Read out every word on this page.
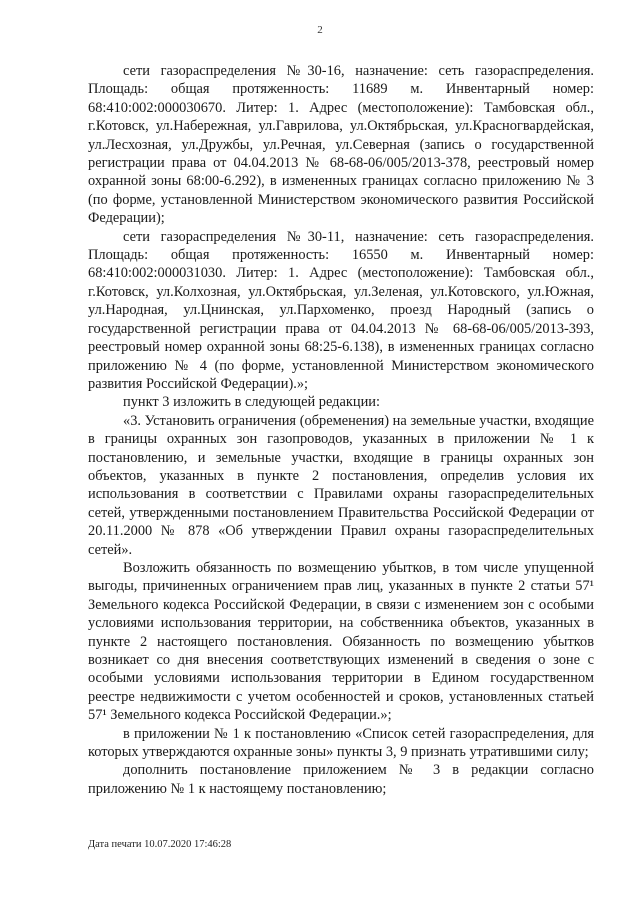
2

сети газораспределения №30-16, назначение: сеть газораспределения. Площадь: общая протяженность: 11689 м. Инвентарный номер: 68:410:002:000030670. Литер: 1. Адрес (местоположение): Тамбовская обл., г.Котовск, ул.Набережная, ул.Гаврилова, ул.Октябрьская, ул.Красногвардейская, ул.Лесхозная, ул.Дружбы, ул.Речная, ул.Северная (запись о государственной регистрации права от 04.04.2013 № 68-68-06/005/2013-378, реестровый номер охранной зоны 68:00-6.292), в измененных границах согласно приложению № 3 (по форме, установленной Министерством экономического развития Российской Федерации);

сети газораспределения №30-11, назначение: сеть газораспределения. Площадь: общая протяженность: 16550 м. Инвентарный номер: 68:410:002:000031030. Литер: 1. Адрес (местоположение): Тамбовская обл., г.Котовск, ул.Колхозная, ул.Октябрьская, ул.Зеленая, ул.Котовского, ул.Южная, ул.Народная, ул.Цнинская, ул.Пархоменко, проезд Народный (запись о государственной регистрации права от 04.04.2013 № 68-68-06/005/2013-393, реестровый номер охранной зоны 68:25-6.138), в измененных границах согласно приложению № 4 (по форме, установленной Министерством экономического развития Российской Федерации).»;

пункт 3 изложить в следующей редакции:

«3. Установить ограничения (обременения) на земельные участки, входящие в границы охранных зон газопроводов, указанных в приложении № 1 к постановлению, и земельные участки, входящие в границы охранных зон объектов, указанных в пункте 2 постановления, определив условия их использования в соответствии с Правилами охраны газораспределительных сетей, утвержденными постановлением Правительства Российской Федерации от 20.11.2000 № 878 «Об утверждении Правил охраны газораспределительных сетей».

Возложить обязанность по возмещению убытков, в том числе упущенной выгоды, причиненных ограничением прав лиц, указанных в пункте 2 статьи 57¹ Земельного кодекса Российской Федерации, в связи с изменением зон с особыми условиями использования территории, на собственника объектов, указанных в пункте 2 настоящего постановления. Обязанность по возмещению убытков возникает со дня внесения соответствующих изменений в сведения о зоне с особыми условиями использования территории в Едином государственном реестре недвижимости с учетом особенностей и сроков, установленных статьей 57¹ Земельного кодекса Российской Федерации.»;

в приложении № 1 к постановлению «Список сетей газораспределения, для которых утверждаются охранные зоны» пункты 3, 9 признать утратившими силу;

дополнить постановление приложением № 3 в редакции согласно приложению № 1 к настоящему постановлению;

Дата печати 10.07.2020 17:46:28
